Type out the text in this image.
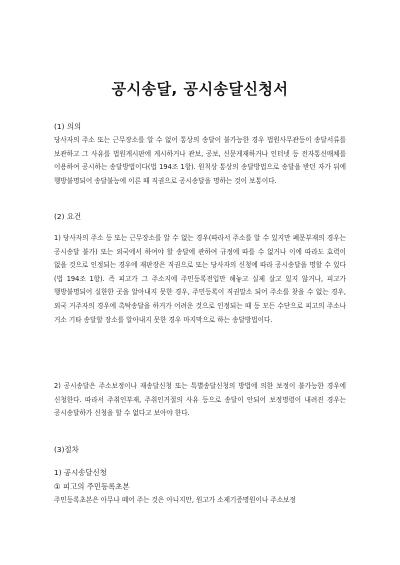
공시송달, 공시송달신청서

(1) 의의

당사자의 주소 또는 근무장소를 알 수 없어 통상의 송달이 불가능한 경우 법원사무관등이 송달서류를 보관하고 그 사유를 법원게시판에 게시하거나 관보, 공보, 신문게재하거나 인터넷 등 전자통신매체를 이용하여 공시하는 송달방법이다(법 194조 1항). 원칙상 통상의 송달방법으로 송달을 받던 자가 뒤에 행방불명되어 송달불능에 이른 때 직권으로 공시송달을 명하는 것이 보통이다.

(2) 요건

1) 당사자의 주소 등 또는 근무장소를 알 수 없는 경우(따라서 주소를 알 수 있지만 폐문부재의 경우는 공시송달 불가) 또는 외국에서 하여야 할 송달에 관하여 규정에 따를 수 없거나 이에 따라도 효력이 없을 것으로 인정되는 경우에 재판장은 직권으로 또는 당사자의 신청에 따라 공시송달을 명할 수 있다(법 194조 1항). 즉 피고가 그 주소지에 주민등록전입만 해놓고 실제 살고 있지 않거나, 피고가 행방불명되어 실한한 곳을 알아내지 못한 경우, 주민등록이 직권말소 되어 주소를 찾을 수 없는 경우, 외국 거주자의 경우에 촉탁송달을 하거가 어려운 것으로 인정되는 때 등 모든 수단으로 피고의 주소나 거소 기타 송달할 장소를 알아내지 못한 경우 마지막으로 하는 송달방법이다.

2) 공시송달은 주소보정이나 재송달신청 또는 특별송달신청의 방법에 의한 보정이 불가능한 경우에 신청한다. 따라서 주취인부재, 주취인거절의 사유 등으로 송달이 안되어 보정명령이 내려진 경우는 공시송달하가 신청을 할 수 없다고 보아야 한다.

(3)절차

1) 공시송달신청

① 피고의 주민등록초본

주민등록초본은 아무나 떼어 주는 것은 아니지만, 원고가 소제기증명원이나 주소보정
